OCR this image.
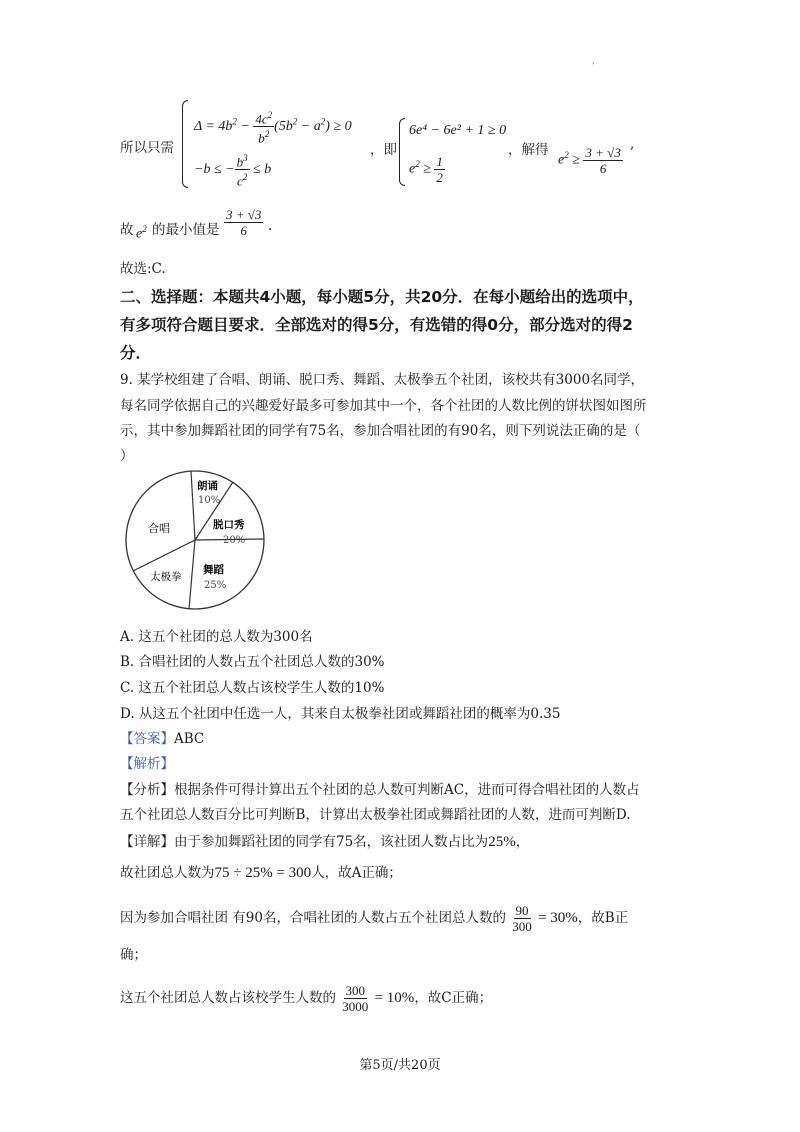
'
所以只需
$\Delta = 4b^2 - \frac{4c^2}{b^2} (5b^2 - a^2) \ge 0$
−b ≤ − $\frac{b^3}{c^2} \le b$
，即
6e⁴ − 6e² + 1 ≥ 0
$e^2 \ge \frac{1}{2}$
，解得
$e^2 \ge \frac{3 + √3}{6}$
,
故 $e^2$ 的最小值是 $\frac{3 + √3}{6}$ .
故选:C.
二、选择题：本题共4小题，每小题5分，共20分．在每小题给出的选项中，
有多项符合题目要求．全部选对的得5分，有选错的得0分，部分选对的得2
分．
9. 某学校组建了合唱、朗诵、脱口秀、舞蹈、太极拳五个社团，该校共有3000名同学，
每名同学依据自己的兴趣爱好最多可参加其中一个，各个社团的人数比例的饼状图如图所
示，其中参加舞蹈社团的同学有75名，参加合唱社团的有90名，则下列说法正确的是（
）
合唱
朗诵
10%
脱口秀
20%
舞蹈
25%
太极拳
A. 这五个社团的总人数为300名
B. 合唱社团的人数占五个社团总人数的30%
C. 这五个社团总人数占该校学生人数的10%
D. 从这五个社团中任选一人，其来自太极拳社团或舞蹈社团的概率为0.35
【答案】ABC
【解析】
【分析】根据条件可得计算出五个社团的总人数可判断AC，进而可得合唱社团的人数占
五个社团总人数百分比可判断B，计算出太极拳社团或舞蹈社团的人数，进而可判断D.
【详解】由于参加舞蹈社团的同学有75名，该社团人数占比为25%，
故社团总人数为75 ÷ 25% = 300人，故A正确；
因为参加合唱社团 有90名，合唱社团的人数占五个社团总人数的 $\frac{90}{300} = 30\%$，故B正
确；
这五个社团总人数占该校学生人数的 $\frac{300}{3000} = 10\%$，故C正确；
第5页/共20页
